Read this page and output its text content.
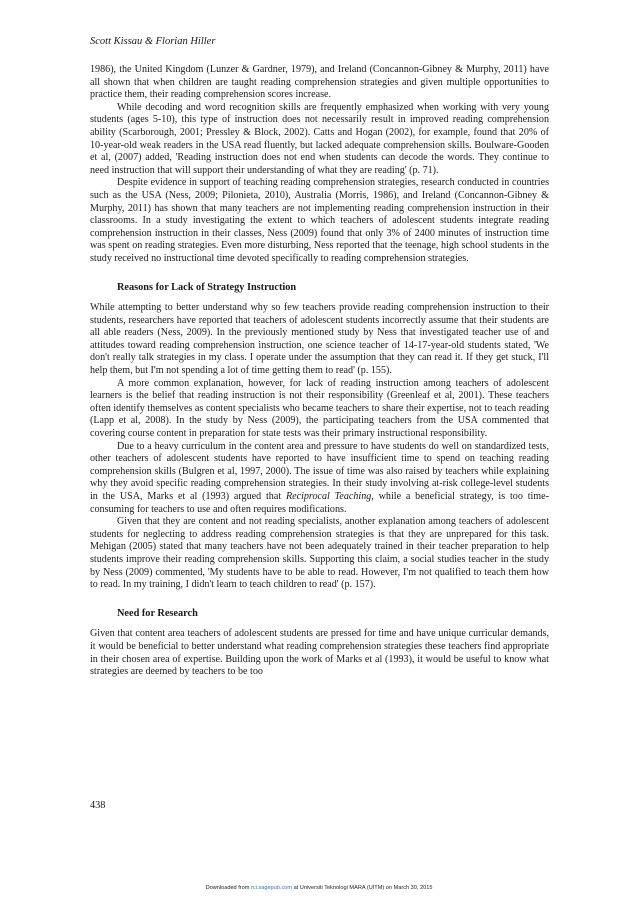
Scott Kissau & Florian Hiller

1986), the United Kingdom (Lunzer & Gardner, 1979), and Ireland (Concannon-Gibney & Murphy, 2011) have all shown that when children are taught reading comprehension strategies and given multiple opportunities to practice them, their reading comprehension scores increase.

While decoding and word recognition skills are frequently emphasized when working with very young students (ages 5-10), this type of instruction does not necessarily result in improved reading comprehension ability (Scarborough, 2001; Pressley & Block, 2002). Catts and Hogan (2002), for example, found that 20% of 10-year-old weak readers in the USA read fluently, but lacked adequate comprehension skills. Boulware-Gooden et al, (2007) added, 'Reading instruction does not end when students can decode the words. They continue to need instruction that will support their understanding of what they are reading' (p. 71).

Despite evidence in support of teaching reading comprehension strategies, research conducted in countries such as the USA (Ness, 2009; Pilonieta, 2010), Australia (Morris, 1986), and Ireland (Concannon-Gibney & Murphy, 2011) has shown that many teachers are not implementing reading comprehension instruction in their classrooms. In a study investigating the extent to which teachers of adolescent students integrate reading comprehension instruction in their classes, Ness (2009) found that only 3% of 2400 minutes of instruction time was spent on reading strategies. Even more disturbing, Ness reported that the teenage, high school students in the study received no instructional time devoted specifically to reading comprehension strategies.

Reasons for Lack of Strategy Instruction

While attempting to better understand why so few teachers provide reading comprehension instruction to their students, researchers have reported that teachers of adolescent students incorrectly assume that their students are all able readers (Ness, 2009). In the previously mentioned study by Ness that investigated teacher use of and attitudes toward reading comprehension instruction, one science teacher of 14-17-year-old students stated, 'We don't really talk strategies in my class. I operate under the assumption that they can read it. If they get stuck, I'll help them, but I'm not spending a lot of time getting them to read' (p. 155).

A more common explanation, however, for lack of reading instruction among teachers of adolescent learners is the belief that reading instruction is not their responsibility (Greenleaf et al, 2001). These teachers often identify themselves as content specialists who became teachers to share their expertise, not to teach reading (Lapp et al, 2008). In the study by Ness (2009), the participating teachers from the USA commented that covering course content in preparation for state tests was their primary instructional responsibility.

Due to a heavy curriculum in the content area and pressure to have students do well on standardized tests, other teachers of adolescent students have reported to have insufficient time to spend on teaching reading comprehension skills (Bulgren et al, 1997, 2000). The issue of time was also raised by teachers while explaining why they avoid specific reading comprehension strategies. In their study involving at-risk college-level students in the USA, Marks et al (1993) argued that Reciprocal Teaching, while a beneficial strategy, is too time-consuming for teachers to use and often requires modifications.

Given that they are content and not reading specialists, another explanation among teachers of adolescent students for neglecting to address reading comprehension strategies is that they are unprepared for this task. Mehigan (2005) stated that many teachers have not been adequately trained in their teacher preparation to help students improve their reading comprehension skills. Supporting this claim, a social studies teacher in the study by Ness (2009) commented, 'My students have to be able to read. However, I'm not qualified to teach them how to read. In my training, I didn't learn to teach children to read' (p. 157).

Need for Research

Given that content area teachers of adolescent students are pressed for time and have unique curricular demands, it would be beneficial to better understand what reading comprehension strategies these teachers find appropriate in their chosen area of expertise. Building upon the work of Marks et al (1993), it would be useful to know what strategies are deemed by teachers to be too

438
Downloaded from rci.sagepub.com at Universiti Teknologi MARA (UITM) on March 30, 2015
